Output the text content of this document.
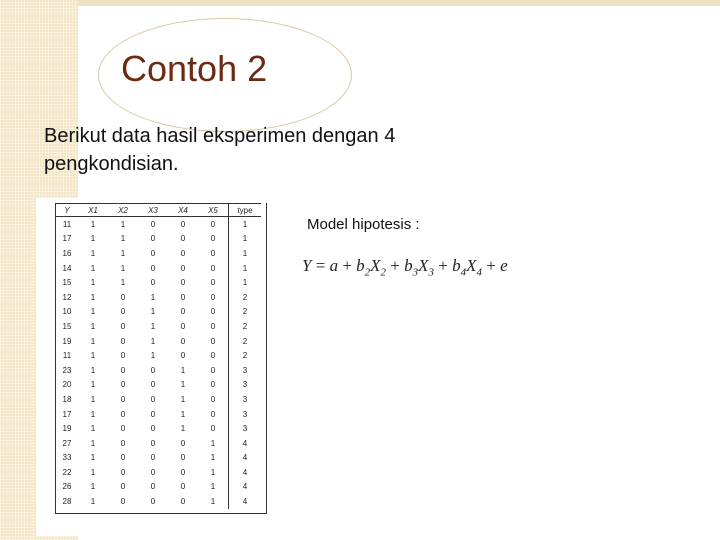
Contoh 2
Berikut data hasil eksperimen dengan 4 pengkondisian.
Y	X1	X2	X3	X4	X5	type
11	1	1	0	0	0	1
17	1	1	0	0	0	1
16	1	1	0	0	0	1
14	1	1	0	0	0	1
15	1	1	0	0	0	1
12	1	0	1	0	0	2
10	1	0	1	0	0	2
15	1	0	1	0	0	2
19	1	0	1	0	0	2
11	1	0	1	0	0	2
23	1	0	0	1	0	3
20	1	0	0	1	0	3
18	1	0	0	1	0	3
17	1	0	0	1	0	3
19	1	0	0	1	0	3
27	1	0	0	0	1	4
33	1	0	0	0	1	4
22	1	0	0	0	1	4
26	1	0	0	0	1	4
28	1	0	0	0	1	4
Model hipotesis :
$Y = a + b_2X_2 + b_3X_3 + b_4X_4 + e$
